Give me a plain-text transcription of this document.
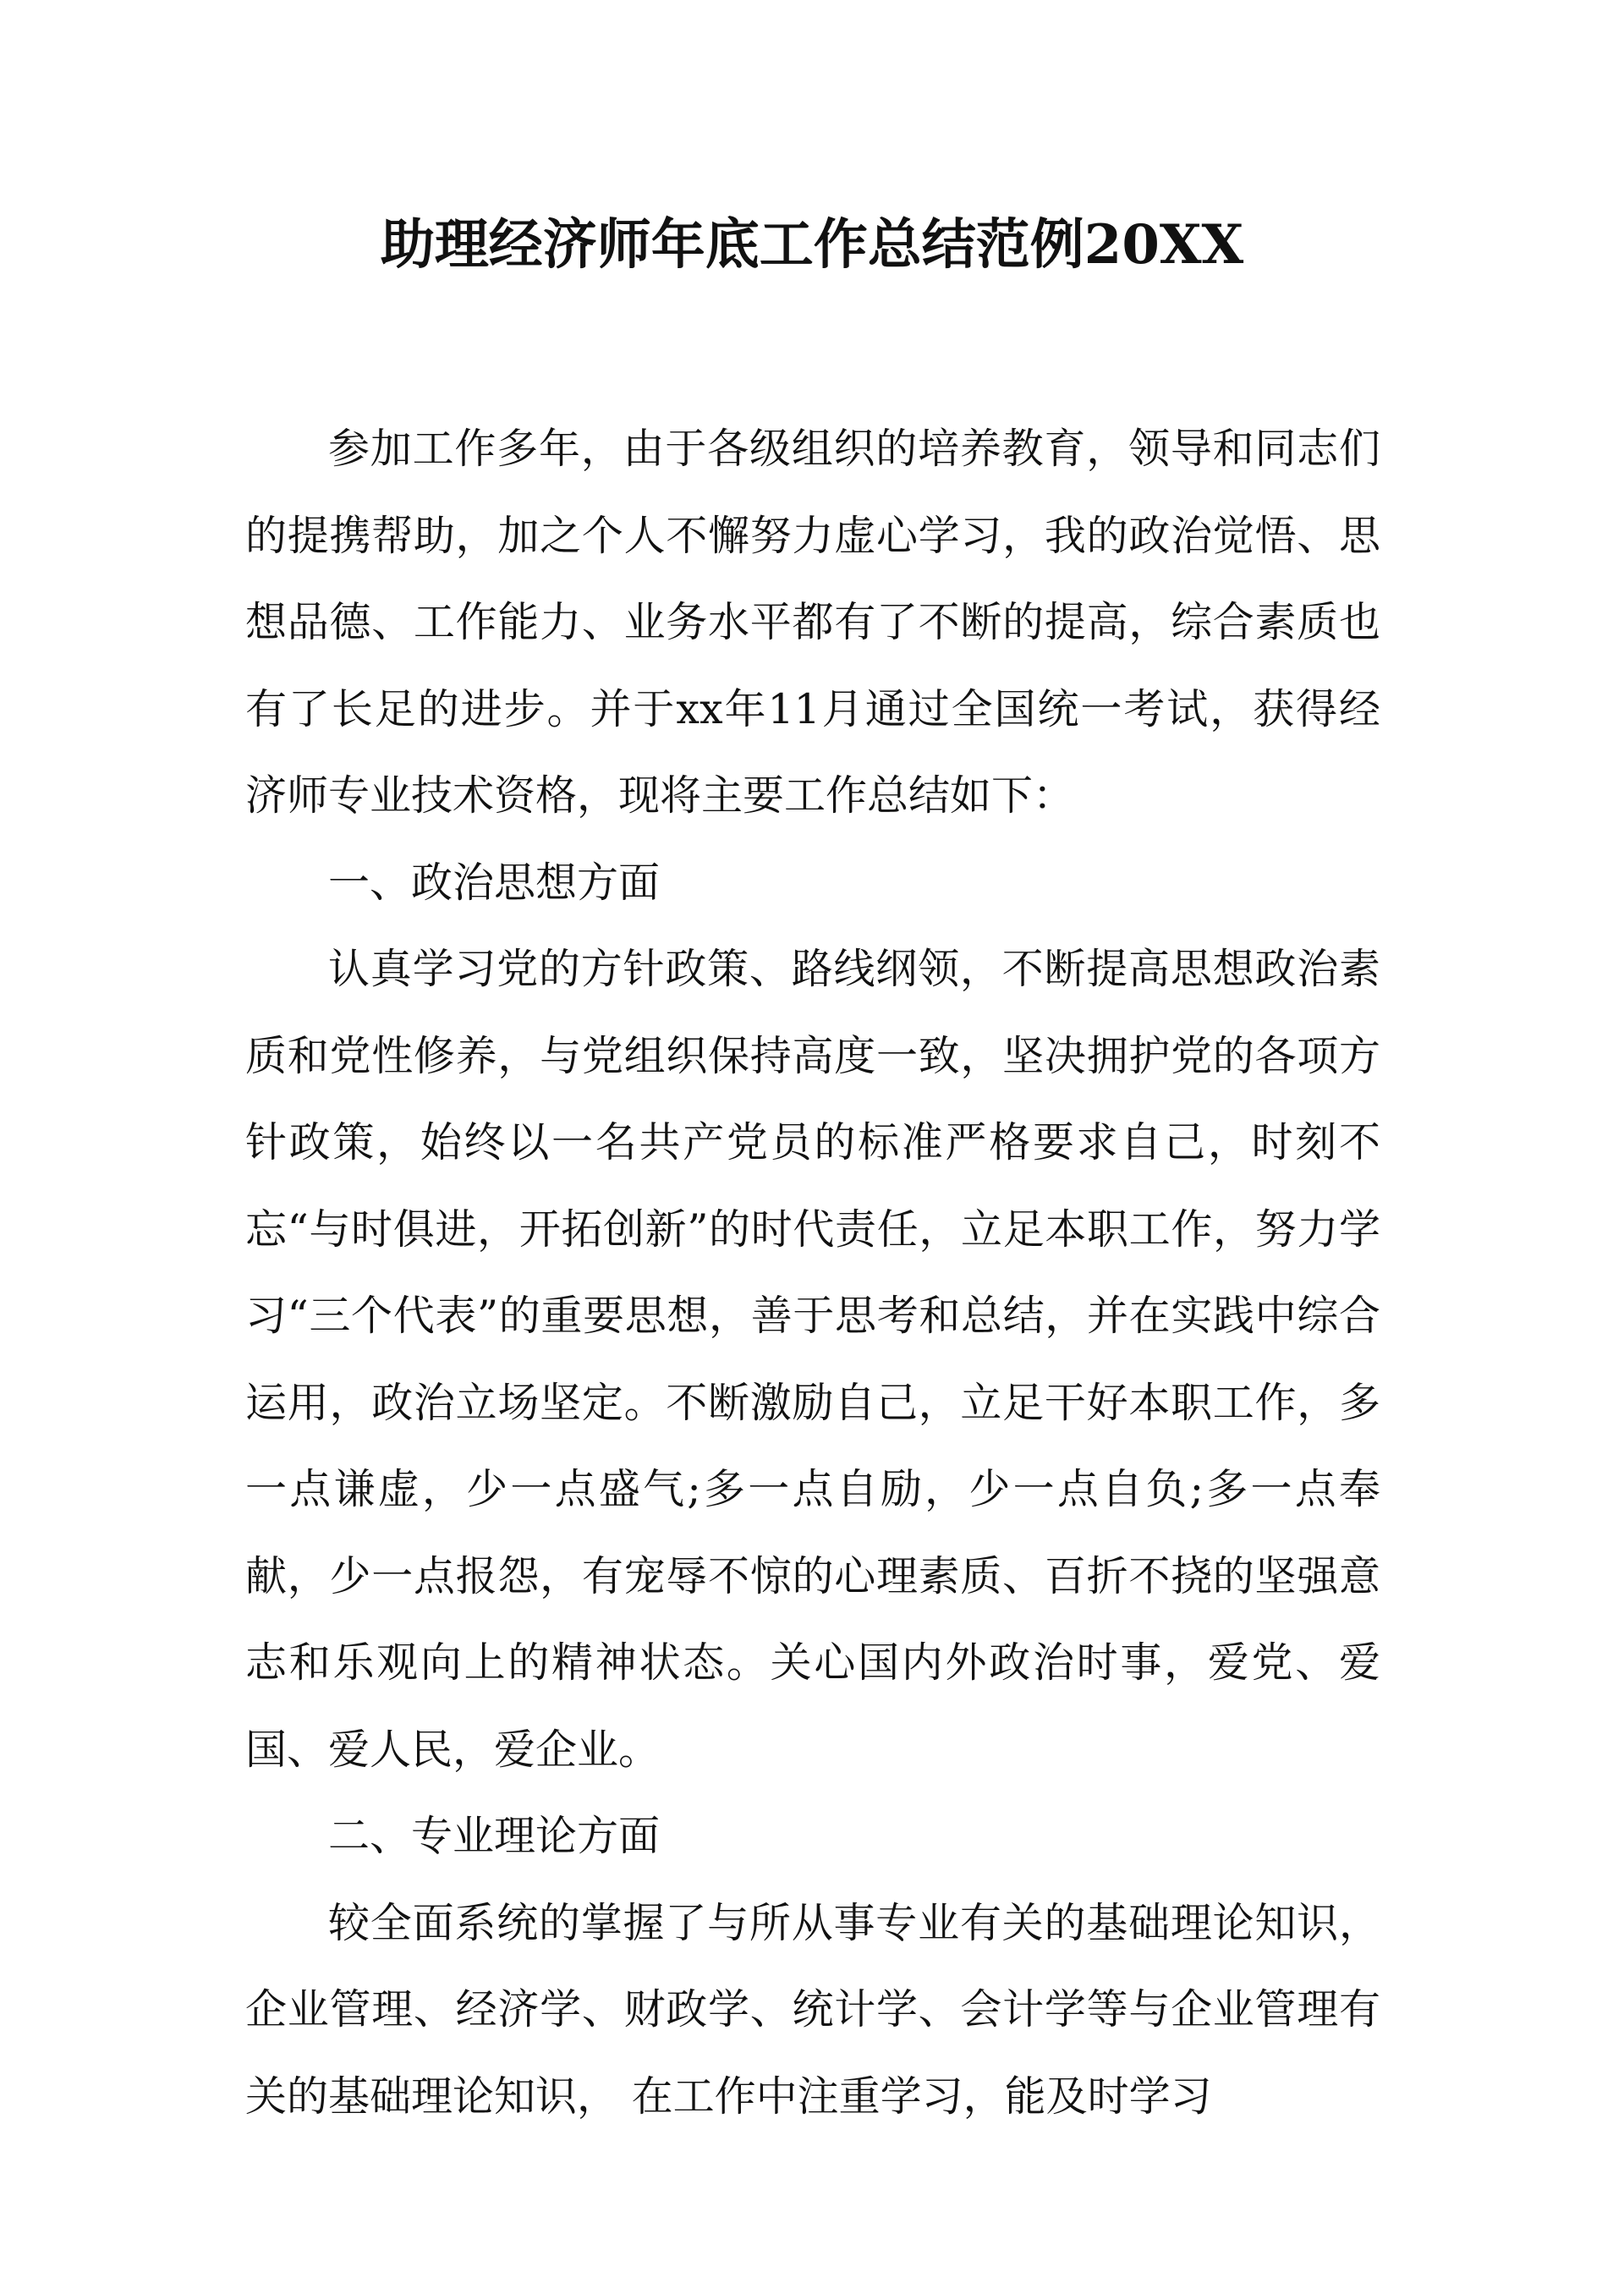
助理经济师年底工作总结范例20XX

参加工作多年，由于各级组织的培养教育，领导和同志们的提携帮助，加之个人不懈努力虚心学习，我的政治觉悟、思想品德、工作能力、业务水平都有了不断的提高，综合素质也有了长足的进步。并于xx年11月通过全国统一考试，获得经济师专业技术资格，现将主要工作总结如下：

一、政治思想方面

认真学习党的方针政策、路线纲领，不断提高思想政治素质和党性修养，与党组织保持高度一致，坚决拥护党的各项方针政策，始终以一名共产党员的标准严格要求自己，时刻不忘“与时俱进，开拓创新”的时代责任，立足本职工作，努力学习“三个代表”的重要思想，善于思考和总结，并在实践中综合运用，政治立场坚定。不断激励自己，立足干好本职工作，多一点谦虚，少一点盛气;多一点自励，少一点自负;多一点奉献，少一点报怨，有宠辱不惊的心理素质、百折不挠的坚强意志和乐观向上的精神状态。关心国内外政治时事，爱党、爱国、爱人民，爱企业。

二、专业理论方面

较全面系统的掌握了与所从事专业有关的基础理论知识，企业管理、经济学、财政学、统计学、会计学等与企业管理有关的基础理论知识， 在工作中注重学习，能及时学习
